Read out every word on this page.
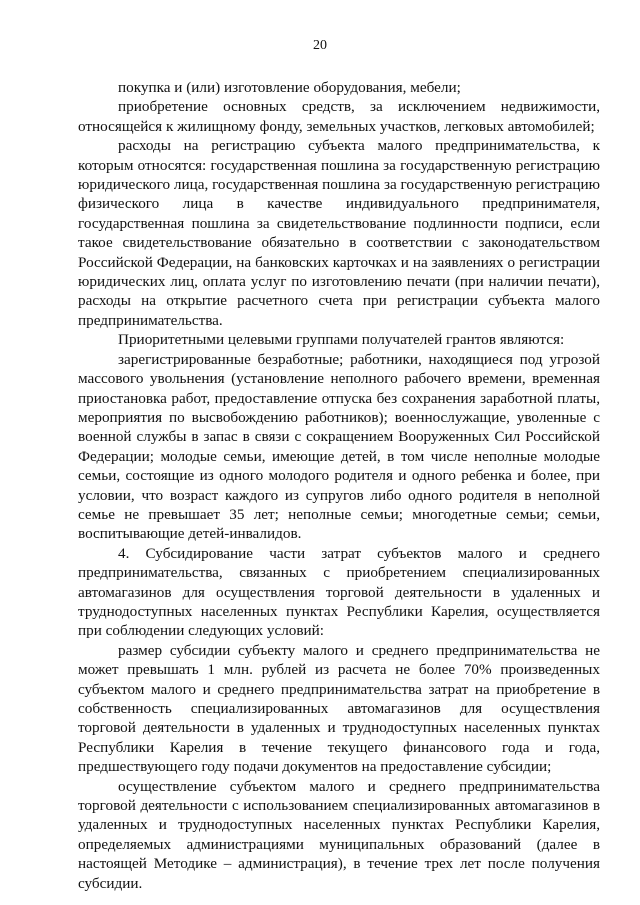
20

покупка и (или) изготовление оборудования, мебели;

приобретение основных средств, за исключением недвижимости, относящейся к жилищному фонду, земельных участков, легковых автомобилей;

расходы на регистрацию субъекта малого предпринимательства, к которым относятся: государственная пошлина за государственную регистрацию юридического лица, государственная пошлина за государственную регистрацию физического лица в качестве индивидуального предпринимателя, государственная пошлина за свидетельствование подлинности подписи, если такое свидетельствование обязательно в соответствии с законодательством Российской Федерации, на банковских карточках и на заявлениях о регистрации юридических лиц, оплата услуг по изготовлению печати (при наличии печати), расходы на открытие расчетного счета при регистрации субъекта малого предпринимательства.

Приоритетными целевыми группами получателей грантов являются:

зарегистрированные безработные; работники, находящиеся под угрозой массового увольнения (установление неполного рабочего времени, временная приостановка работ, предоставление отпуска без сохранения заработной платы, мероприятия по высвобождению работников); военнослужащие, уволенные с военной службы в запас в связи с сокращением Вооруженных Сил Российской Федерации; молодые семьи, имеющие детей, в том числе неполные молодые семьи, состоящие из одного молодого родителя и одного ребенка и более, при условии, что возраст каждого из супругов либо одного родителя в неполной семье не превышает 35 лет; неполные семьи; многодетные семьи; семьи, воспитывающие детей-инвалидов.

4. Субсидирование части затрат субъектов малого и среднего предпринимательства, связанных с приобретением специализированных автомагазинов для осуществления торговой деятельности в удаленных и труднодоступных населенных пунктах Республики Карелия, осуществляется при соблюдении следующих условий:

размер субсидии субъекту малого и среднего предпринимательства не может превышать 1 млн. рублей из расчета не более 70% произведенных субъектом малого и среднего предпринимательства затрат на приобретение в собственность специализированных автомагазинов для осуществления торговой деятельности в удаленных и труднодоступных населенных пунктах Республики Карелия в течение текущего финансового года и года, предшествующего году подачи документов на предоставление субсидии;

осуществление субъектом малого и среднего предпринимательства торговой деятельности с использованием специализированных автомагазинов в удаленных и труднодоступных населенных пунктах Республики Карелия, определяемых администрациями муниципальных образований (далее в настоящей Методике – администрация), в течение трех лет после получения субсидии.
